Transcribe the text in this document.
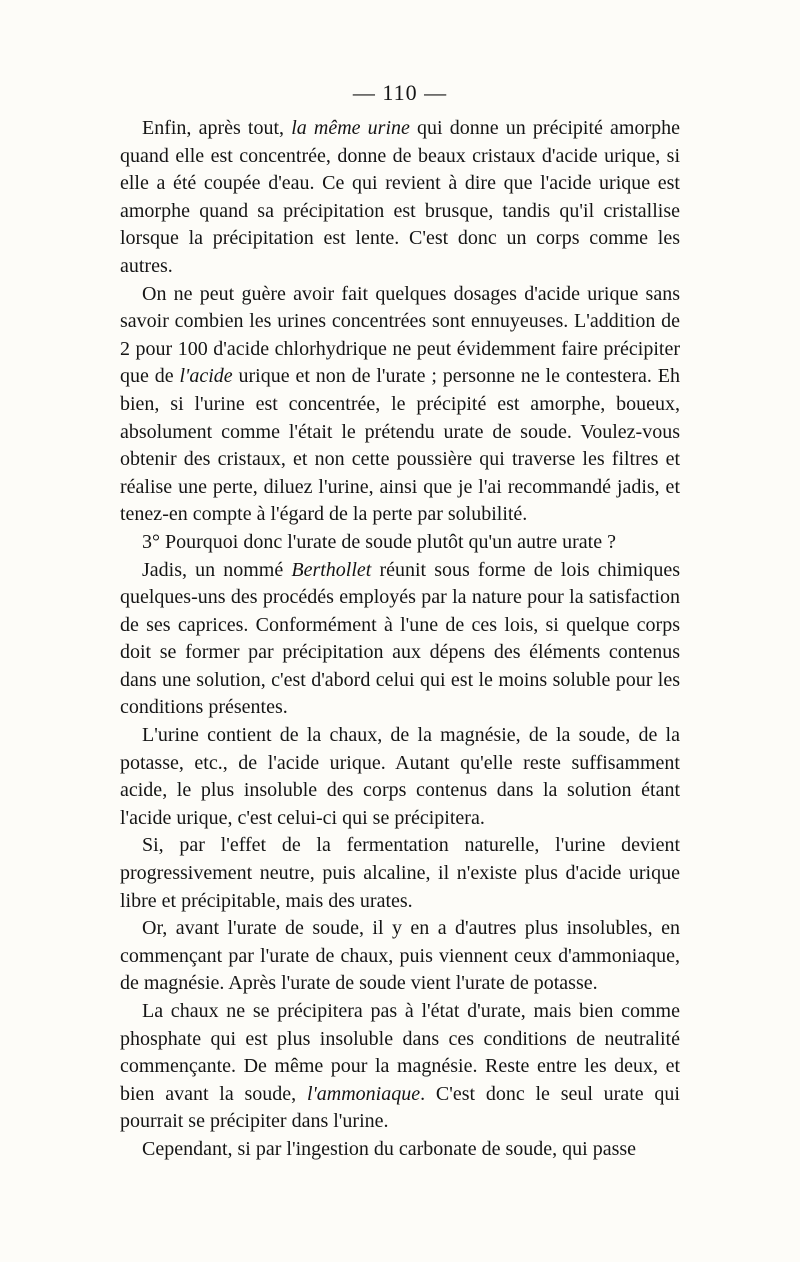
— 110 —

Enfin, après tout, la même urine qui donne un précipité amorphe quand elle est concentrée, donne de beaux cristaux d'acide urique, si elle a été coupée d'eau. Ce qui revient à dire que l'acide urique est amorphe quand sa précipitation est brusque, tandis qu'il cristallise lorsque la précipitation est lente. C'est donc un corps comme les autres.

On ne peut guère avoir fait quelques dosages d'acide urique sans savoir combien les urines concentrées sont ennuyeuses. L'addition de 2 pour 100 d'acide chlorhydrique ne peut évidemment faire précipiter que de l'acide urique et non de l'urate ; personne ne le contestera. Eh bien, si l'urine est concentrée, le précipité est amorphe, boueux, absolument comme l'était le prétendu urate de soude. Voulez-vous obtenir des cristaux, et non cette poussière qui traverse les filtres et réalise une perte, diluez l'urine, ainsi que je l'ai recommandé jadis, et tenez-en compte à l'égard de la perte par solubilité.

3° Pourquoi donc l'urate de soude plutôt qu'un autre urate ?

Jadis, un nommé Berthollet réunit sous forme de lois chimiques quelques-uns des procédés employés par la nature pour la satisfaction de ses caprices. Conformément à l'une de ces lois, si quelque corps doit se former par précipitation aux dépens des éléments contenus dans une solution, c'est d'abord celui qui est le moins soluble pour les conditions présentes.

L'urine contient de la chaux, de la magnésie, de la soude, de la potasse, etc., de l'acide urique. Autant qu'elle reste suffisamment acide, le plus insoluble des corps contenus dans la solution étant l'acide urique, c'est celui-ci qui se précipitera.

Si, par l'effet de la fermentation naturelle, l'urine devient progressivement neutre, puis alcaline, il n'existe plus d'acide urique libre et précipitable, mais des urates.

Or, avant l'urate de soude, il y en a d'autres plus insolubles, en commençant par l'urate de chaux, puis viennent ceux d'ammoniaque, de magnésie. Après l'urate de soude vient l'urate de potasse.

La chaux ne se précipitera pas à l'état d'urate, mais bien comme phosphate qui est plus insoluble dans ces conditions de neutralité commençante. De même pour la magnésie. Reste entre les deux, et bien avant la soude, l'ammoniaque. C'est donc le seul urate qui pourrait se précipiter dans l'urine.

Cependant, si par l'ingestion du carbonate de soude, qui passe
